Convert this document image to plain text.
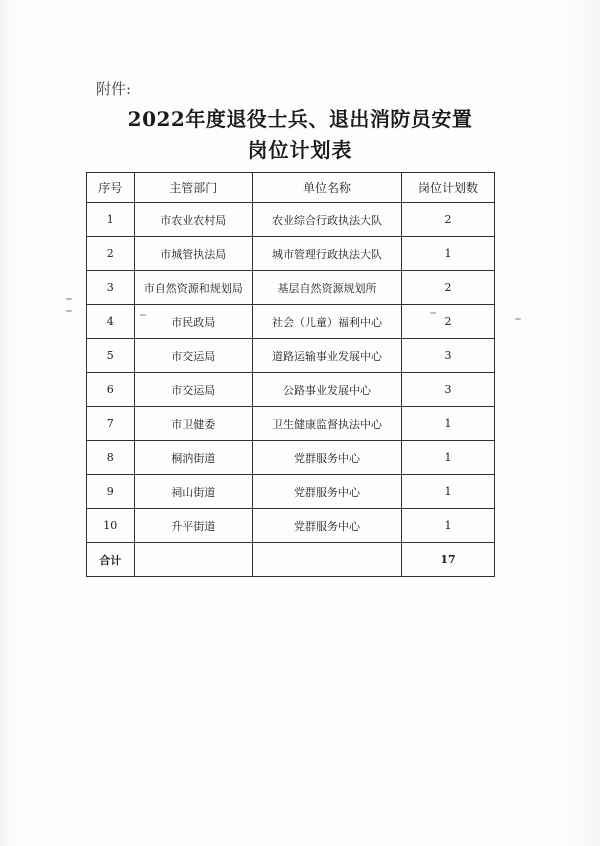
附件:
2022年度退役士兵、退出消防员安置
岗位计划表
序号	主管部门	单位名称	岗位计划数
1	市农业农村局	农业综合行政执法大队	2
2	市城管执法局	城市管理行政执法大队	1
3	市自然资源和规划局	基层自然资源规划所	2
4	市民政局	社会（儿童）福利中心	2
5	市交运局	道路运输事业发展中心	3
6	市交运局	公路事业发展中心	3
7	市卫健委	卫生健康监督执法中心	1
8	桐汭街道	党群服务中心	1
9	祠山街道	党群服务中心	1
10	升平街道	党群服务中心	1
合计			17
